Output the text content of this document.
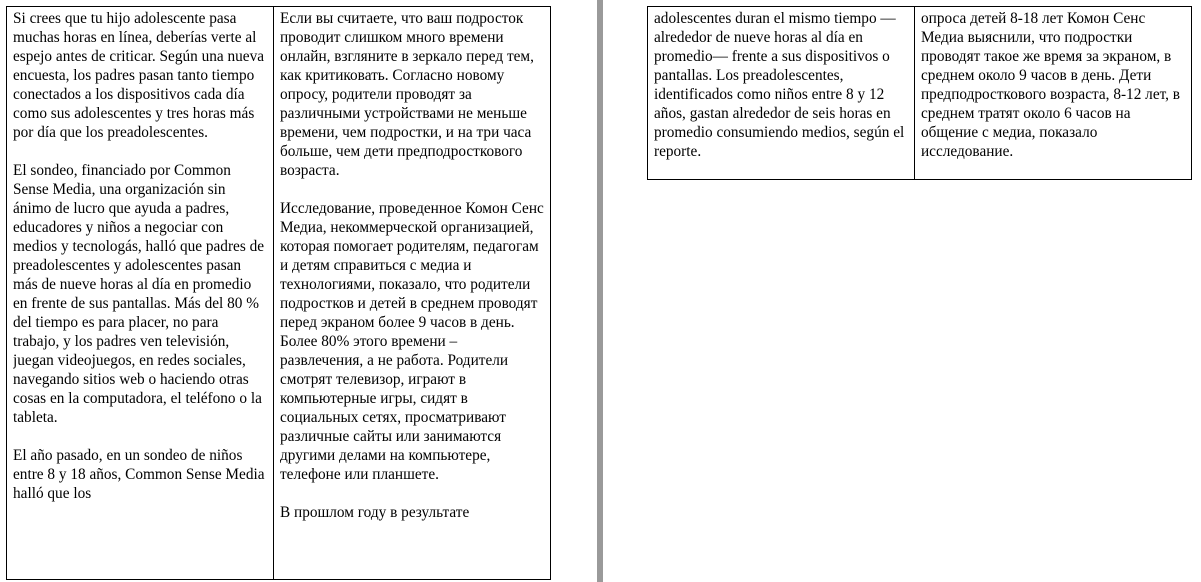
Si crees que tu hijo adolescente pasa muchas horas en línea, deberías verte al espejo antes de criticar. Según una nueva encuesta, los padres pasan tanto tiempo conectados a los dispositivos cada día como sus adolescentes y tres horas más por día que los preadolescentes.

El sondeo, financiado por Common Sense Media, una organización sin ánimo de lucro que ayuda a padres, educadores y niños a negociar con medios y tecnologás, halló que padres de preadolescentes y adolescentes pasan más de nueve horas al día en promedio en frente de sus pantallas. Más del 80 % del tiempo es para placer, no para trabajo, y los padres ven televisión, juegan videojuegos, en redes sociales, navegando sitios web o haciendo otras cosas en la computadora, el teléfono o la tableta.

El año pasado, en un sondeo de niños entre 8 y 18 años, Common Sense Media halló que los

Если вы считаете, что ваш подросток проводит слишком много времени онлайн, взгляните в зеркало перед тем, как критиковать. Согласно новому опросу, родители проводят за различными устройствами не меньше времени, чем подростки, и на три часа больше, чем дети предподросткового возраста.

Исследование, проведенное Комон Сенс Медиа, некоммерческой организацией, которая помогает родителям, педагогам и детям справиться с медиа и технологиями, показало, что родители подростков и детей в среднем проводят перед экраном более 9 часов в день. Более 80% этого времени – развлечения, а не работа. Родители смотрят телевизор, играют в компьютерные игры, сидят в социальных сетях, просматривают различные сайты или занимаются другими делами на компьютере, телефоне или планшете.

В прошлом году в результате

adolescentes duran el mismo tiempo —alrededor de nueve horas al día en promedio— frente a sus dispositivos o pantallas. Los preadolescentes, identificados como niños entre 8 y 12 años, gastan alrededor de seis horas en promedio consumiendo medios, según el reporte.

опроса детей 8-18 лет Комон Сенс Медиа выяснили, что подростки проводят такое же время за экраном, в среднем около 9 часов в день. Дети предподросткового возраста, 8-12 лет, в среднем тратят около 6 часов на общение с медиа, показало исследование.
